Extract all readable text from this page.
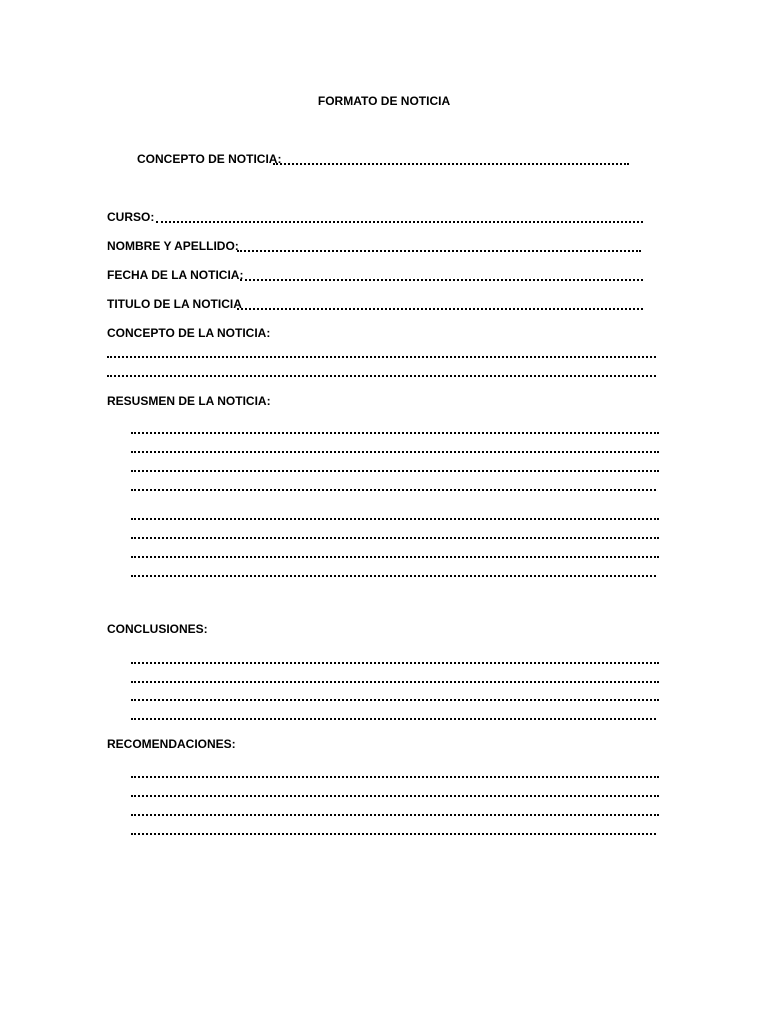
FORMATO DE NOTICIA
CONCEPTO DE NOTICIA:
CURSO:
NOMBRE Y APELLIDO:
FECHA DE LA NOTICIA:
TITULO DE LA NOTICIA
CONCEPTO DE LA NOTICIA:
RESUSMEN DE LA NOTICIA:
CONCLUSIONES:
RECOMENDACIONES:
